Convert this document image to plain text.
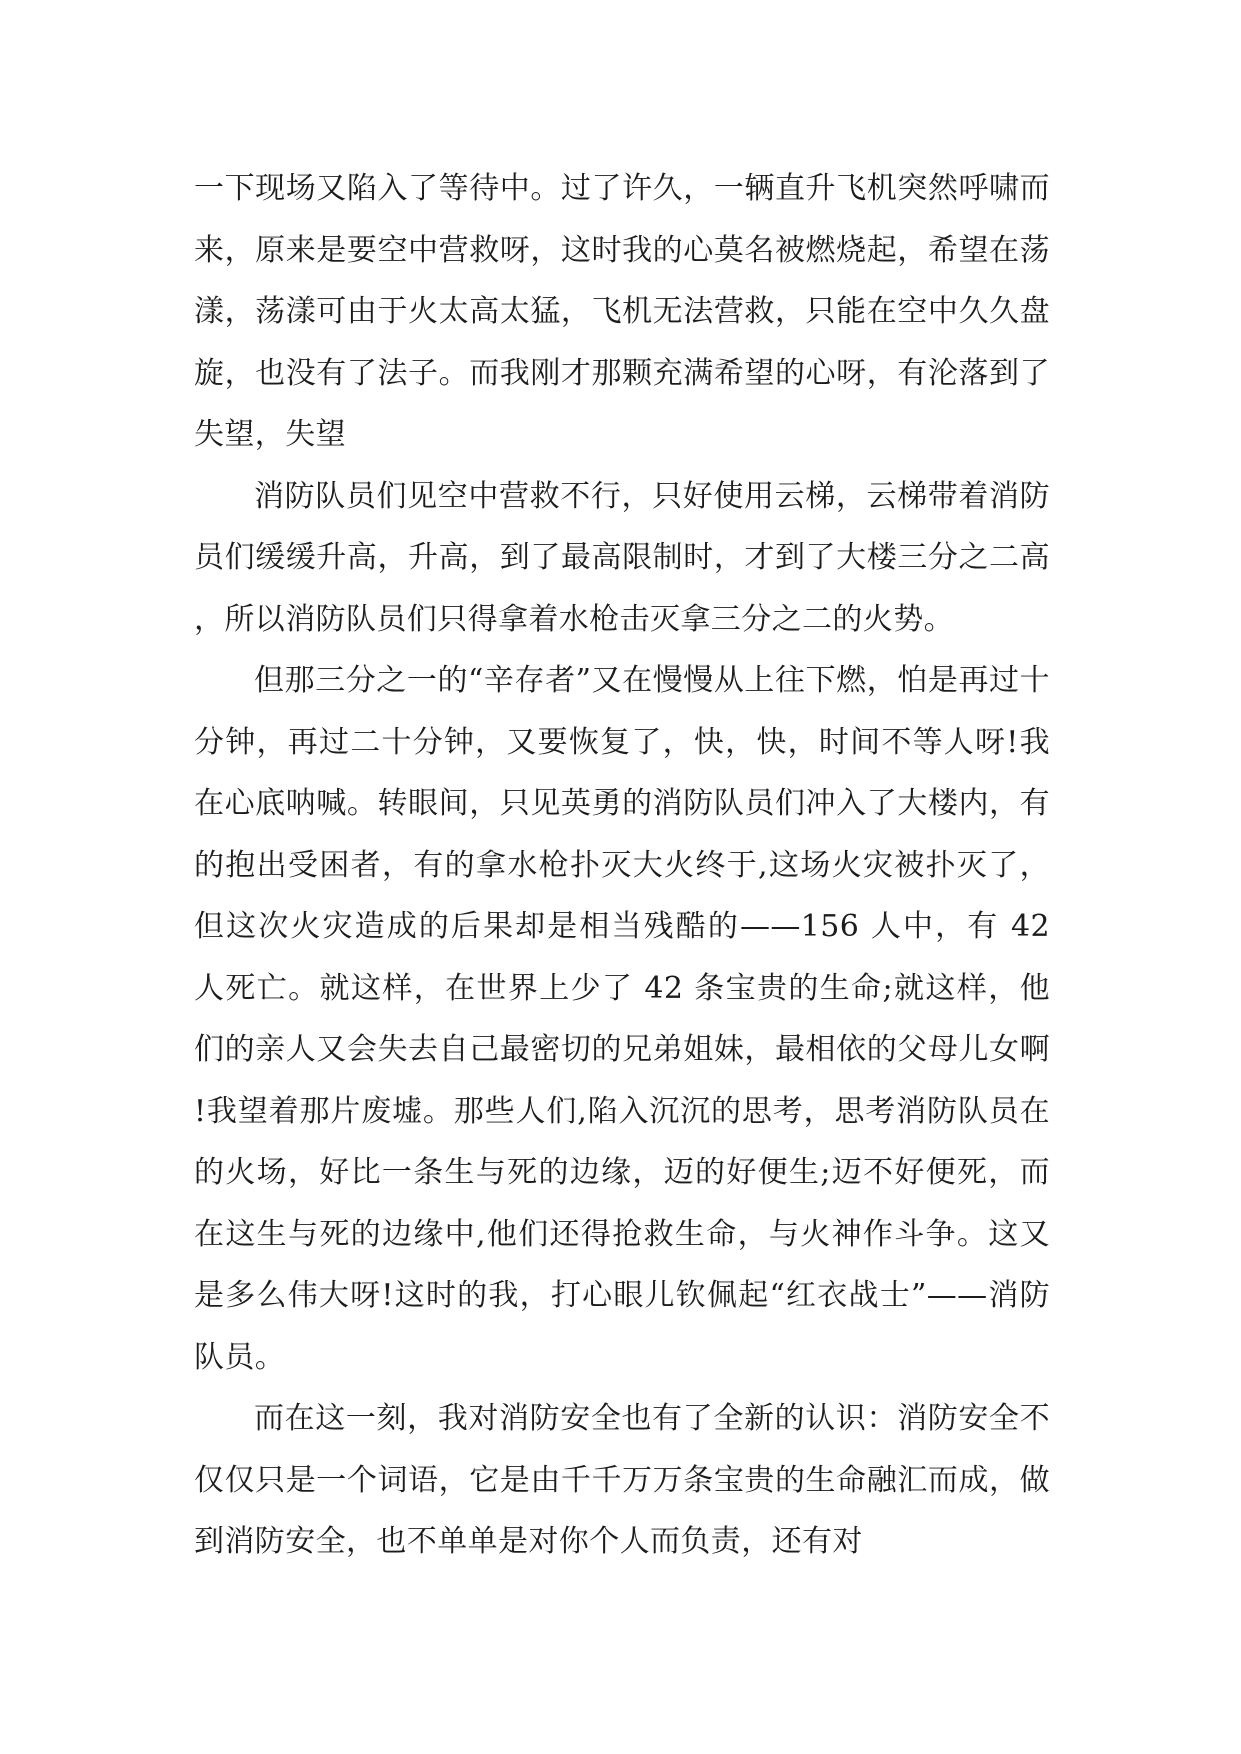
一下现场又陷入了等待中。过了许久，一辆直升飞机突然呼啸而来，原来是要空中营救呀，这时我的心莫名被燃烧起，希望在荡漾，荡漾可由于火太高太猛，飞机无法营救，只能在空中久久盘旋，也没有了法子。而我刚才那颗充满希望的心呀，有沦落到了失望，失望

消防队员们见空中营救不行，只好使用云梯，云梯带着消防员们缓缓升高，升高，到了最高限制时，才到了大楼三分之二高，所以消防队员们只得拿着水枪击灭拿三分之二的火势。

但那三分之一的“辛存者”又在慢慢从上往下燃，怕是再过十分钟，再过二十分钟，又要恢复了，快，快，时间不等人呀!我在心底呐喊。转眼间，只见英勇的消防队员们冲入了大楼内，有的抱出受困者，有的拿水枪扑灭大火终于,这场火灾被扑灭了，但这次火灾造成的后果却是相当残酷的——156 人中，有 42 人死亡。就这样，在世界上少了 42 条宝贵的生命;就这样，他们的亲人又会失去自己最密切的兄弟姐妹，最相依的父母儿女啊!我望着那片废墟。那些人们,陷入沉沉的思考，思考消防队员在的火场，好比一条生与死的边缘，迈的好便生;迈不好便死，而在这生与死的边缘中,他们还得抢救生命，与火神作斗争。这又是多么伟大呀!这时的我，打心眼儿钦佩起“红衣战士”——消防队员。

而在这一刻，我对消防安全也有了全新的认识：消防安全不仅仅只是一个词语，它是由千千万万条宝贵的生命融汇而成，做到消防安全，也不单单是对你个人而负责，还有对
